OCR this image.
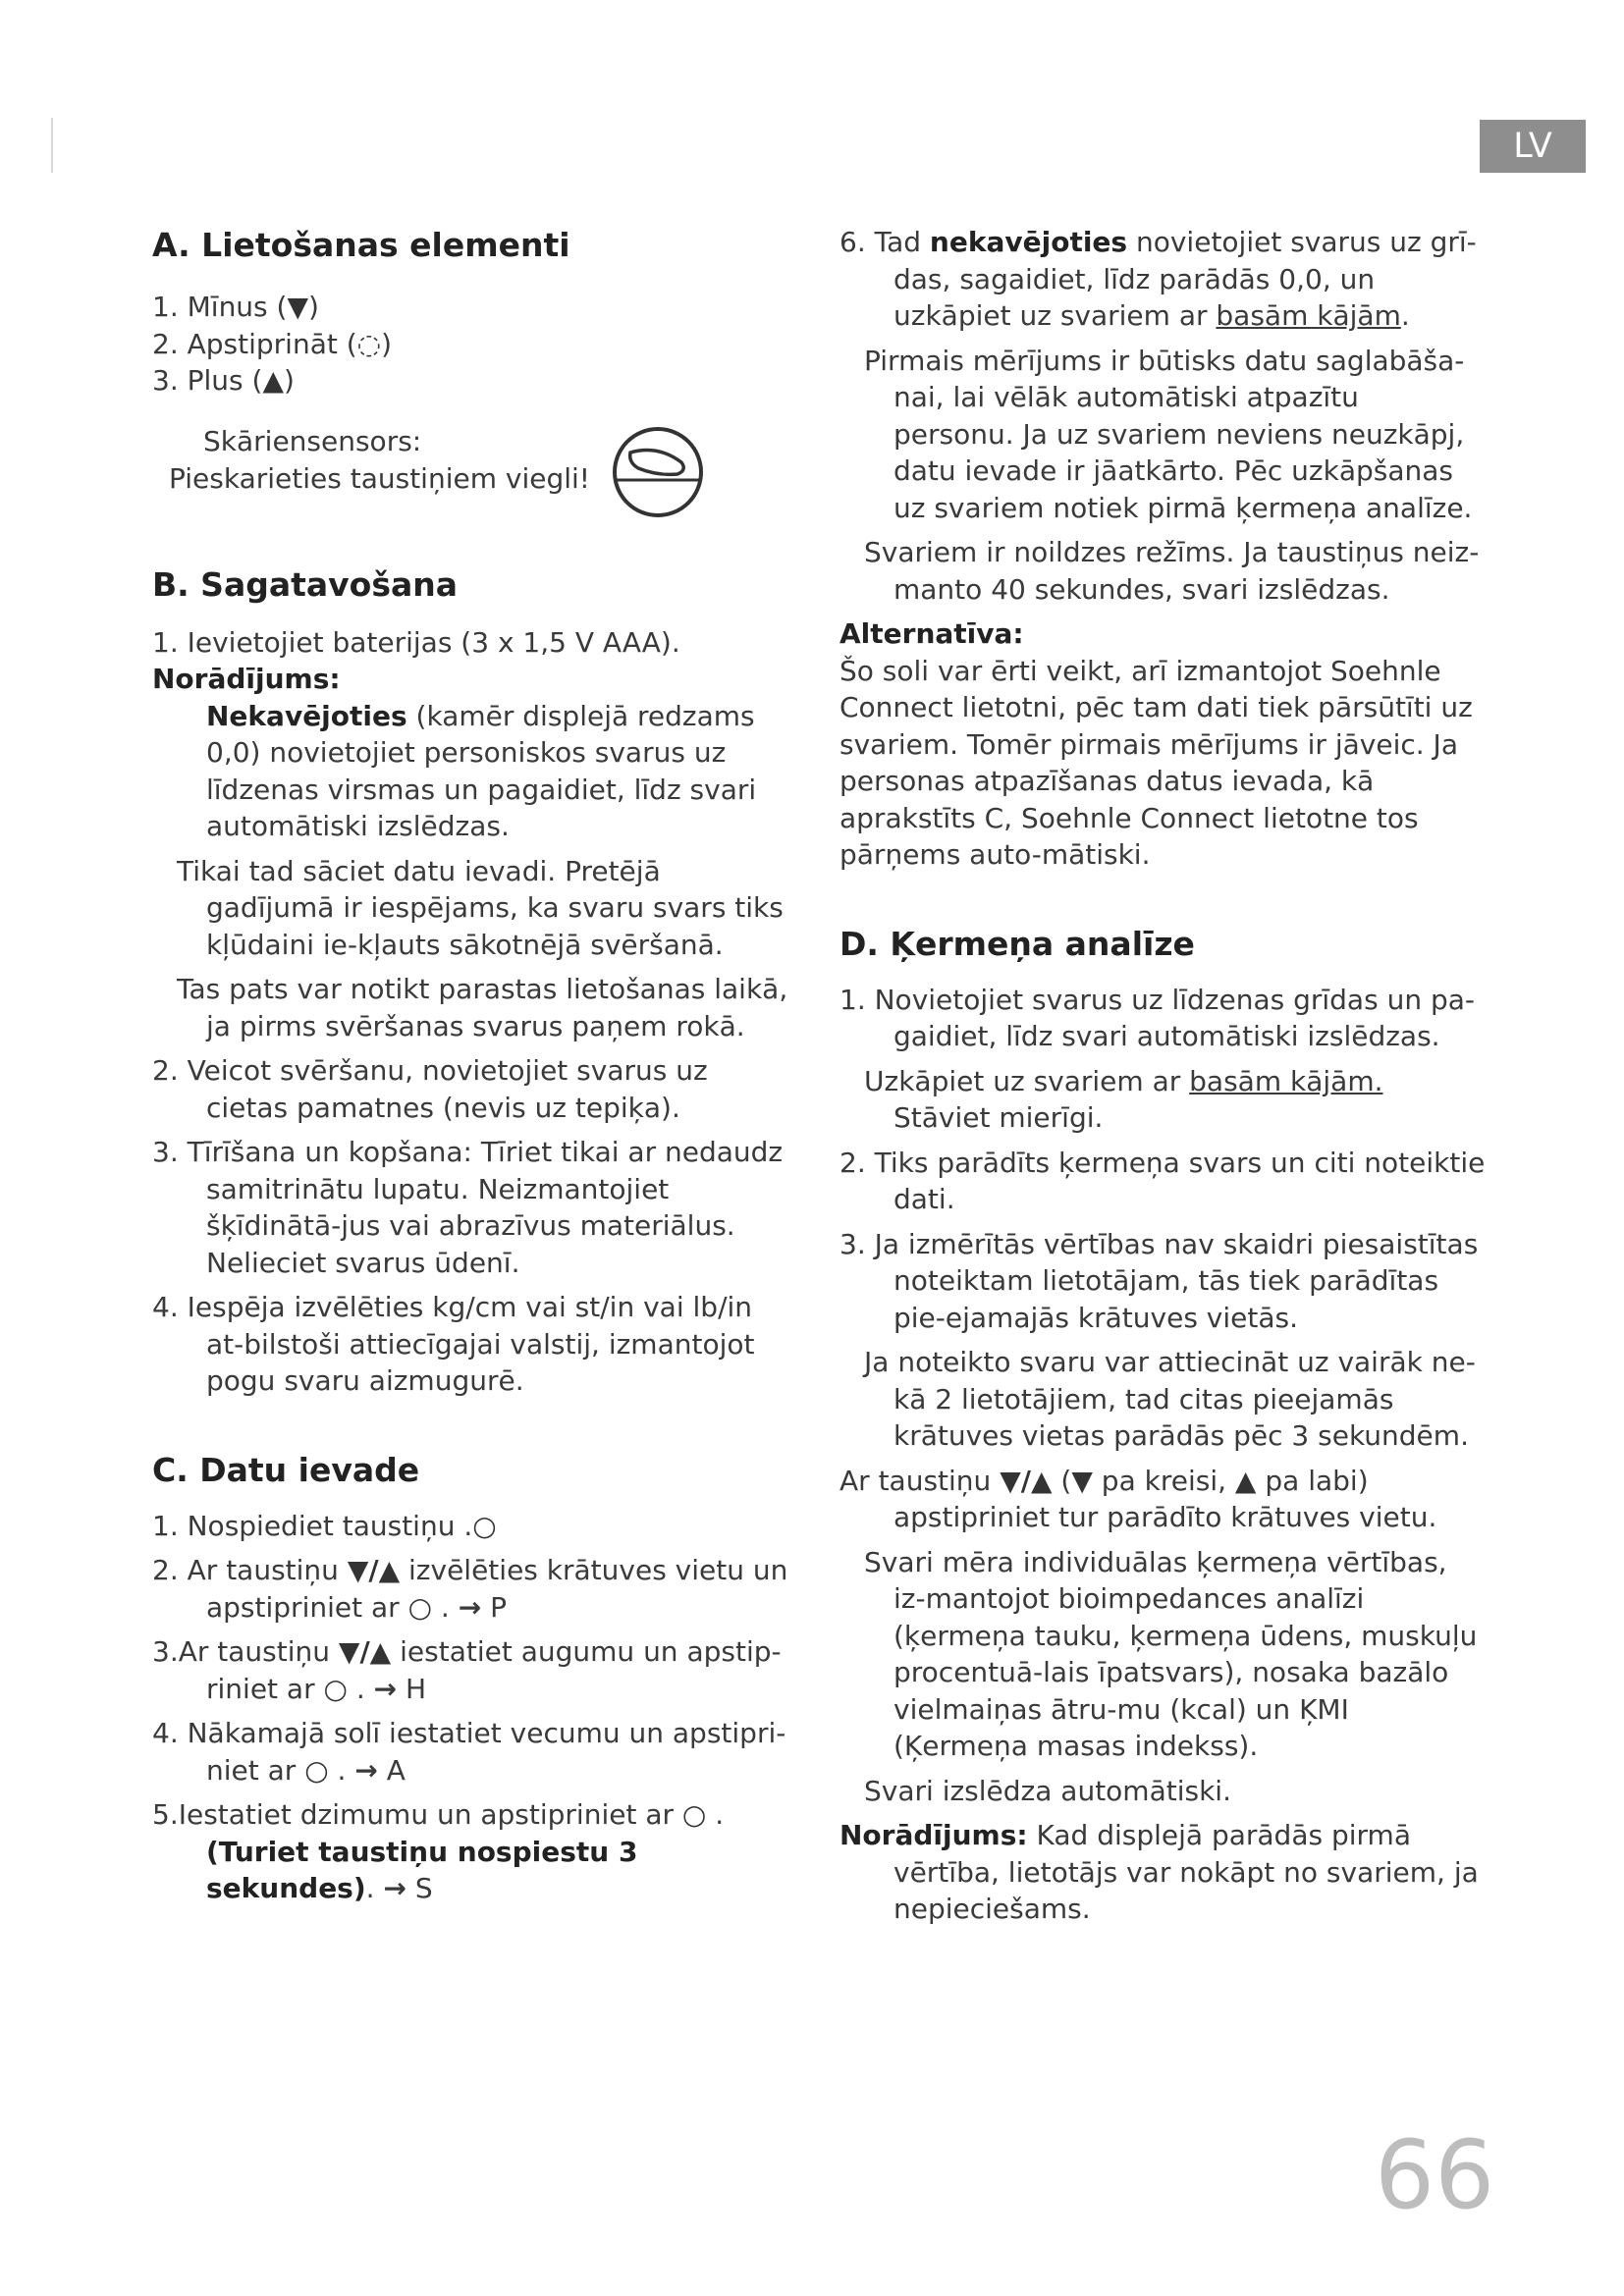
LV
A. Lietošanas elementi

1. Mīnus (▼)

2. Apstiprināt (◌)

3. Plus (▲)

Skāriensensors:
Pieskarieties taustiņiem viegli!
B. Sagatavošana

1. Ievietojiet baterijas (3 x 1,5 V AAA).

Norādījums:

Nekavējoties (kamēr displejā redzams 0,0) novietojiet personiskos svarus uz līdzenas virsmas un pagaidiet, līdz svari automātiski izslēdzas.

Tikai tad sāciet datu ievadi. Pretējā gadījumā ir iespējams, ka svaru svars tiks kļūdaini ie-kļauts sākotnējā svēršanā.

Tas pats var notikt parastas lietošanas laikā, ja pirms svēršanas svarus paņem rokā.

2. Veicot svēršanu, novietojiet svarus uz cietas pamatnes (nevis uz tepiķa).

3. Tīrīšana un kopšana: Tīriet tikai ar nedaudz samitrinātu lupatu. Neizmantojiet šķīdinātā-jus vai abrazīvus materiālus. Nelieciet svarus ūdenī.

4. Iespēja izvēlēties kg/cm vai st/in vai lb/in at-bilstoši attiecīgajai valstij, izmantojot pogu svaru aizmugurē.

C. Datu ievade

1. Nospiediet taustiņu .○

2. Ar taustiņu ▼/▲ izvēlēties krātuves vietu un apstipriniet ar ○ . → P

3.Ar taustiņu ▼/▲ iestatiet augumu un apstip-riniet ar ○ . → H

4. Nākamajā solī iestatiet vecumu un apstipri-niet ar ○ . → A

5.Iestatiet dzimumu un apstipriniet ar ○ . (Turiet taustiņu nospiestu 3 sekundes). → S

6. Tad nekavējoties novietojiet svarus uz grī-das, sagaidiet, līdz parādās 0,0, un uzkāpiet uz svariem ar basām kājām.

Pirmais mērījums ir būtisks datu saglabāša-nai, lai vēlāk automātiski atpazītu personu. Ja uz svariem neviens neuzkāpj, datu ievade ir jāatkārto. Pēc uzkāpšanas uz svariem notiek pirmā ķermeņa analīze.

Svariem ir noildzes režīms. Ja taustiņus neiz-manto 40 sekundes, svari izslēdzas.

Alternatīva:

Šo soli var ērti veikt, arī izmantojot Soehnle Connect lietotni, pēc tam dati tiek pārsūtīti uz svariem. Tomēr pirmais mērījums ir jāveic. Ja personas atpazīšanas datus ievada, kā aprakstīts C, Soehnle Connect lietotne tos pārņems auto-mātiski.

D. Ķermeņa analīze

1. Novietojiet svarus uz līdzenas grīdas un pa-gaidiet, līdz svari automātiski izslēdzas.

Uzkāpiet uz svariem ar basām kājām. Stāviet mierīgi.

2. Tiks parādīts ķermeņa svars un citi noteiktie dati.

3. Ja izmērītās vērtības nav skaidri piesaistītas noteiktam lietotājam, tās tiek parādītas pie-ejamajās krātuves vietās.

Ja noteikto svaru var attiecināt uz vairāk ne-kā 2 lietotājiem, tad citas pieejamās krātuves vietas parādās pēc 3 sekundēm.

Ar taustiņu ▼/▲ (▼ pa kreisi, ▲ pa labi) apstipriniet tur parādīto krātuves vietu.

Svari mēra individuālas ķermeņa vērtības, iz-mantojot bioimpedances analīzi (ķermeņa tauku, ķermeņa ūdens, muskuļu procentuā-lais īpatsvars), nosaka bazālo vielmaiņas ātru-mu (kcal) un ĶMI (Ķermeņa masas indekss).

Svari izslēdza automātiski.

Norādījums: Kad displejā parādās pirmā vērtība, lietotājs var nokāpt no svariem, ja nepieciešams.

66
